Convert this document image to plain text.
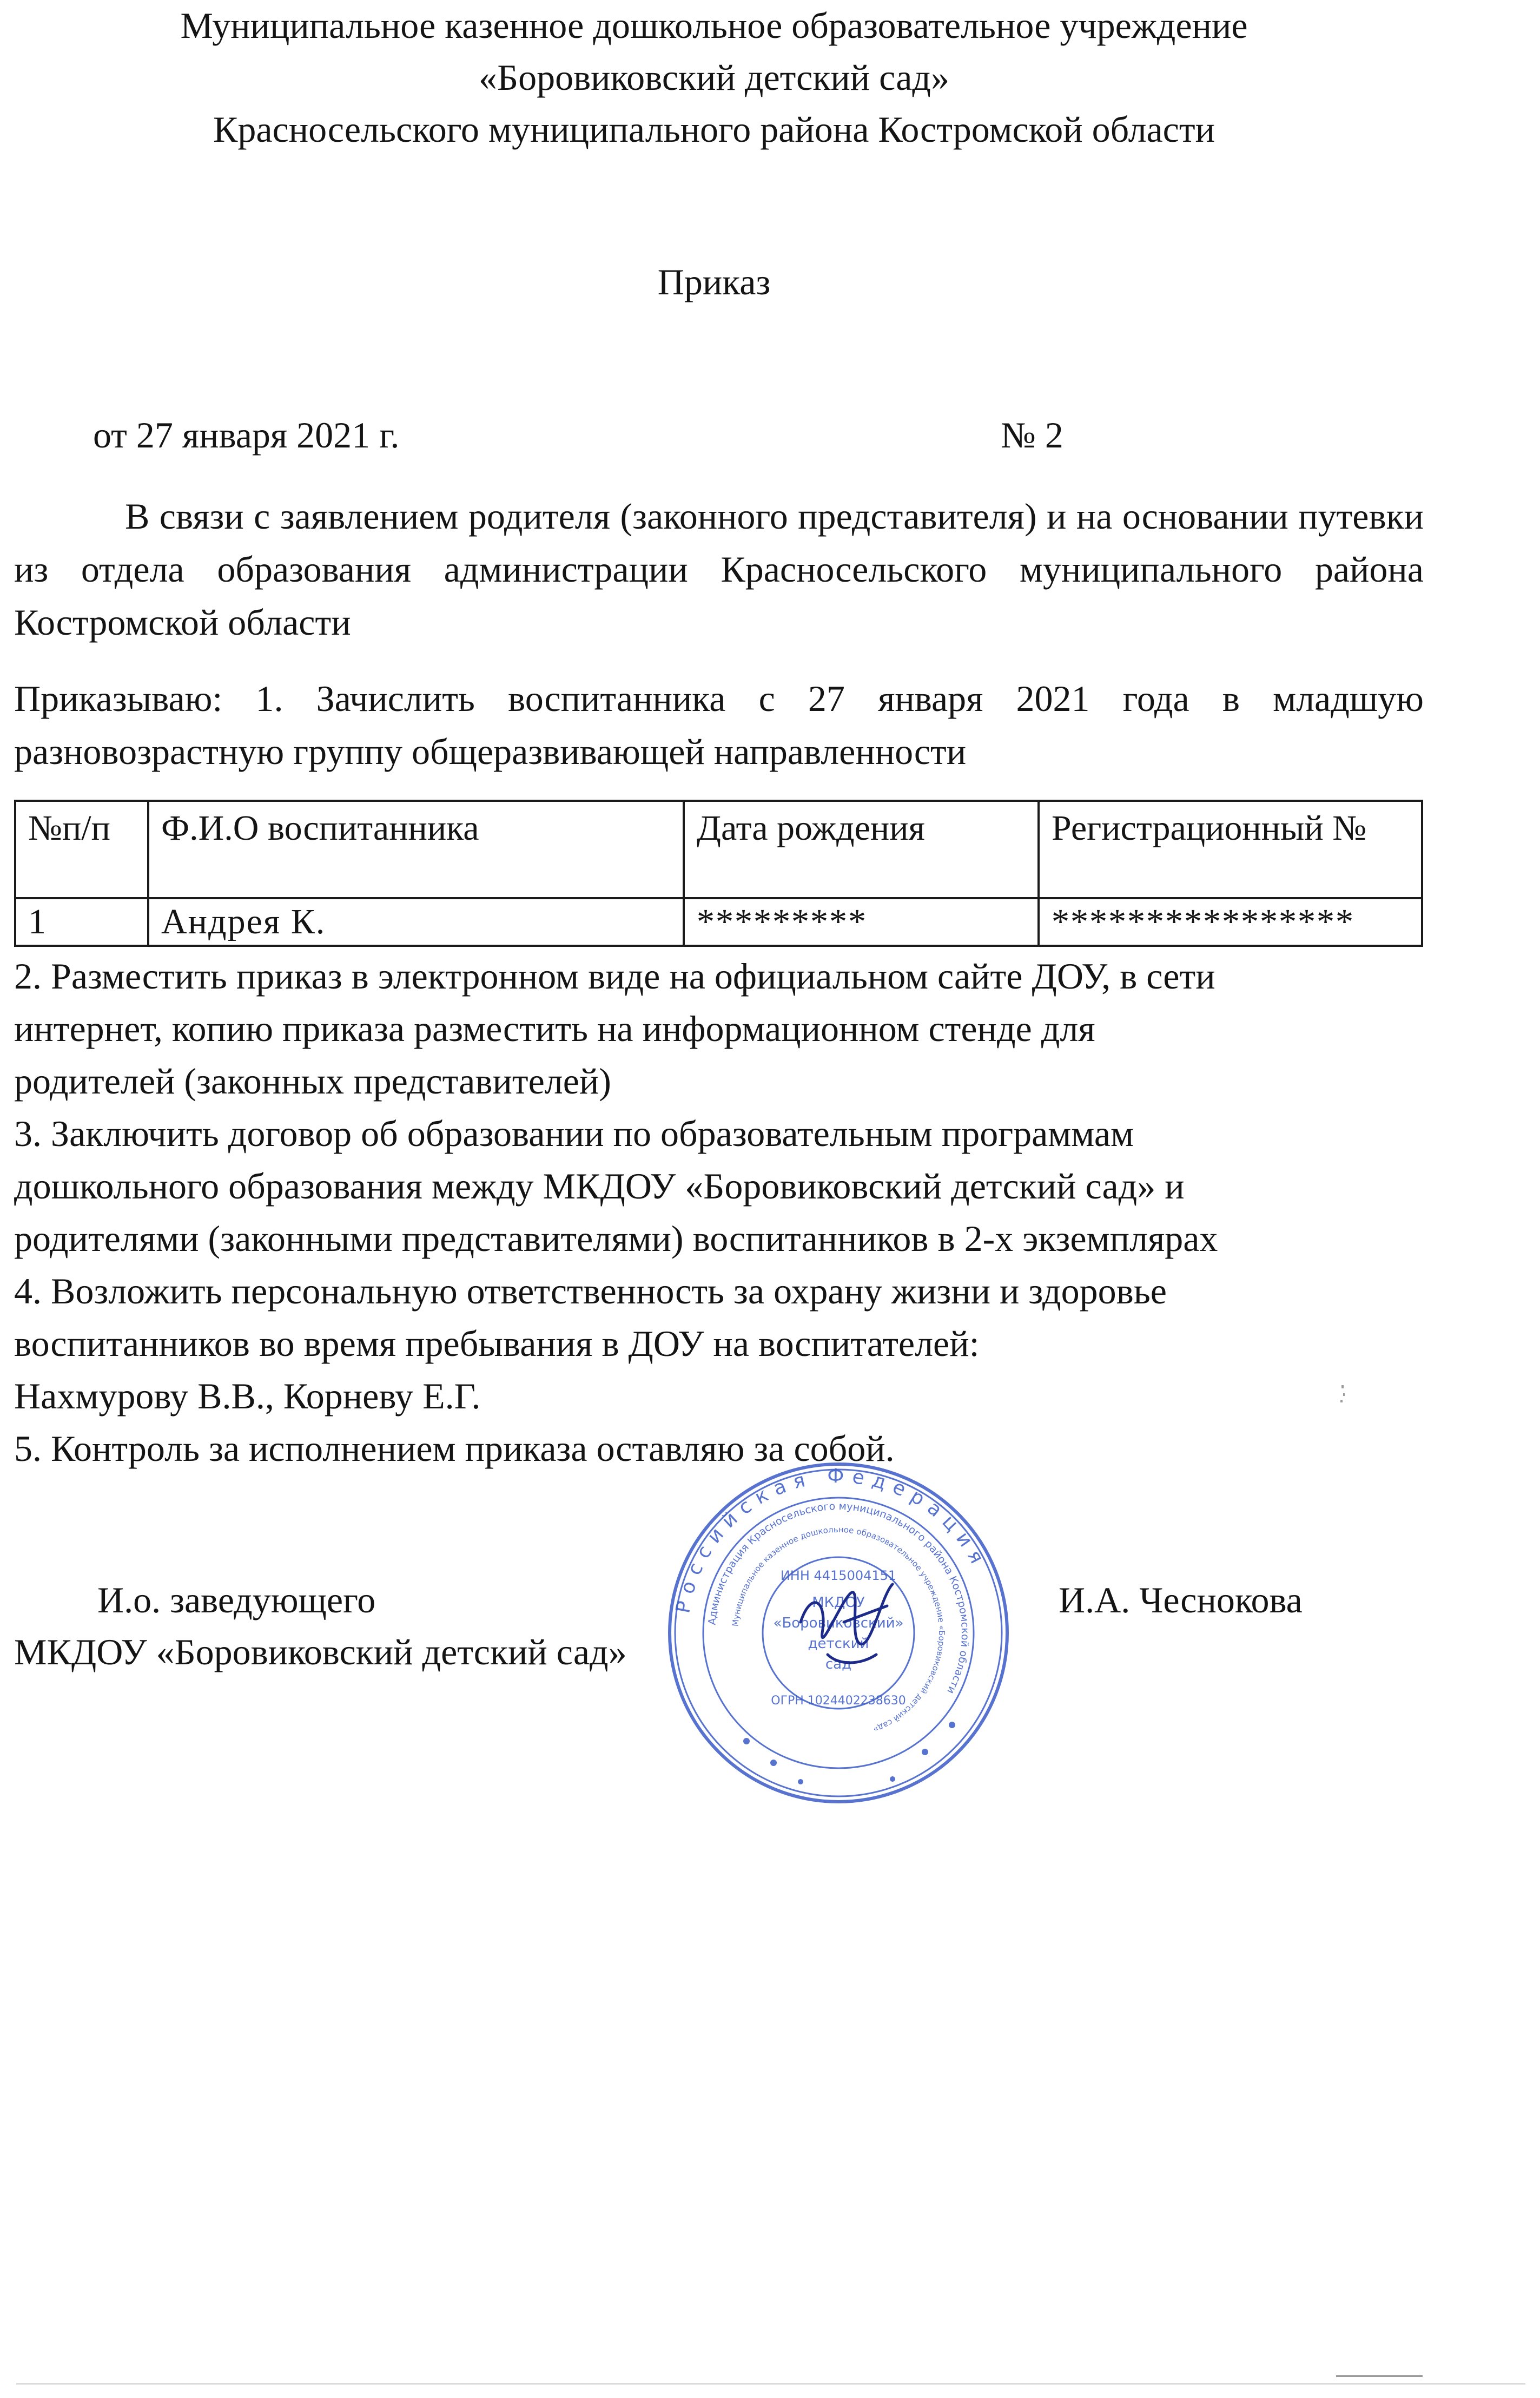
Муниципальное казенное дошкольное образовательное учреждение
«Боровиковский детский сад»
Красносельского муниципального района Костромской области
Приказ
от 27 января 2021 г.	№ 2
В связи с заявлением родителя (законного представителя) и на основании путевки из отдела образования администрации Красносельского муниципального района Костромской области
Приказываю: 1. Зачислить воспитанника с 27 января 2021 года в младшую разновозрастную группу общеразвивающей направленности
№п/п	Ф.И.О воспитанника	Дата рождения	Регистрационный №
1	Андрея К.	*********	****************
2. Разместить приказ в электронном виде на официальном сайте ДОУ, в сети
интернет, копию приказа разместить на информационном стенде для
родителей (законных представителей)
3. Заключить договор об образовании по образовательным программам
дошкольного образования между МКДОУ «Боровиковский детский сад» и
родителями (законными представителями) воспитанников в 2-х экземплярах
4. Возложить персональную ответственность за охрану жизни и здоровье
воспитанников во время пребывания в ДОУ на воспитателей:
Нахмурову В.В., Корневу Е.Г.
5. Контроль за исполнением приказа оставляю за собой.
И.о. заведующего
МКДОУ «Боровиковский детский сад»
И.А. Чеснокова
Российская Федерация
Администрация Красносельского муниципального района Костромской области
Муниципальное казенное дошкольное образовательное учреждение «Боровиковский детский сад»
ИНН 4415004151
ОГРН 1024402238630
МКДОУ
«Боровиковский»
детский
сад
